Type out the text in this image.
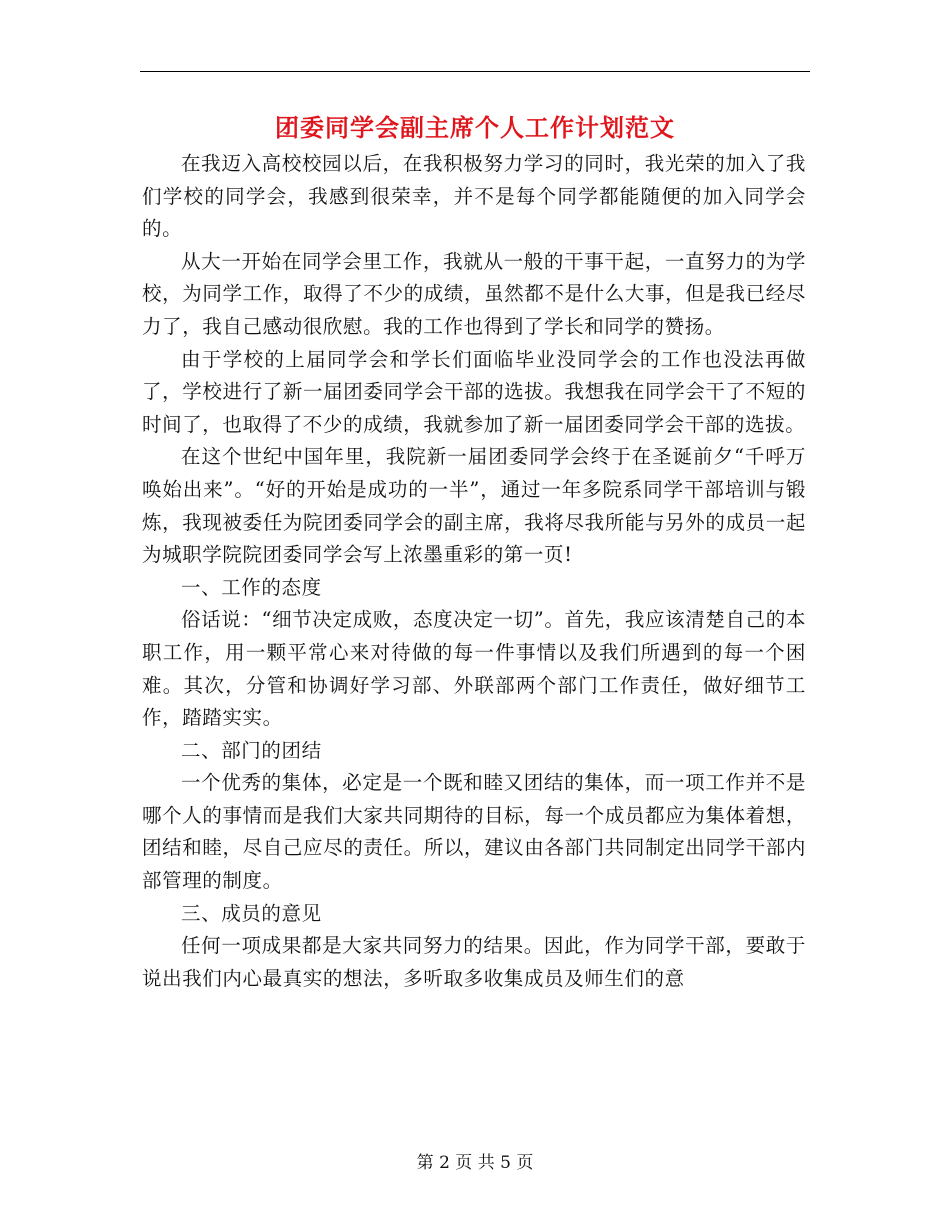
团委同学会副主席个人工作计划范文

在我迈入高校校园以后，在我积极努力学习的同时，我光荣的加入了我们学校的同学会，我感到很荣幸，并不是每个同学都能随便的加入同学会的。

从大一开始在同学会里工作，我就从一般的干事干起，一直努力的为学校，为同学工作，取得了不少的成绩，虽然都不是什么大事，但是我已经尽力了，我自己感动很欣慰。我的工作也得到了学长和同学的赞扬。

由于学校的上届同学会和学长们面临毕业没同学会的工作也没法再做了，学校进行了新一届团委同学会干部的选拔。我想我在同学会干了不短的时间了，也取得了不少的成绩，我就参加了新一届团委同学会干部的选拔。

在这个世纪中国年里，我院新一届团委同学会终于在圣诞前夕“千呼万唤始出来”。“好的开始是成功的一半”，通过一年多院系同学干部培训与锻炼，我现被委任为院团委同学会的副主席，我将尽我所能与另外的成员一起为城职学院院团委同学会写上浓墨重彩的第一页!

一、工作的态度

俗话说：“细节决定成败，态度决定一切”。首先，我应该清楚自己的本职工作，用一颗平常心来对待做的每一件事情以及我们所遇到的每一个困难。其次，分管和协调好学习部、外联部两个部门工作责任，做好细节工作，踏踏实实。

二、部门的团结

一个优秀的集体，必定是一个既和睦又团结的集体，而一项工作并不是哪个人的事情而是我们大家共同期待的目标，每一个成员都应为集体着想，团结和睦，尽自己应尽的责任。所以，建议由各部门共同制定出同学干部内部管理的制度。

三、成员的意见

任何一项成果都是大家共同努力的结果。因此，作为同学干部，要敢于说出我们内心最真实的想法，多听取多收集成员及师生们的意

第 2 页 共 5 页
